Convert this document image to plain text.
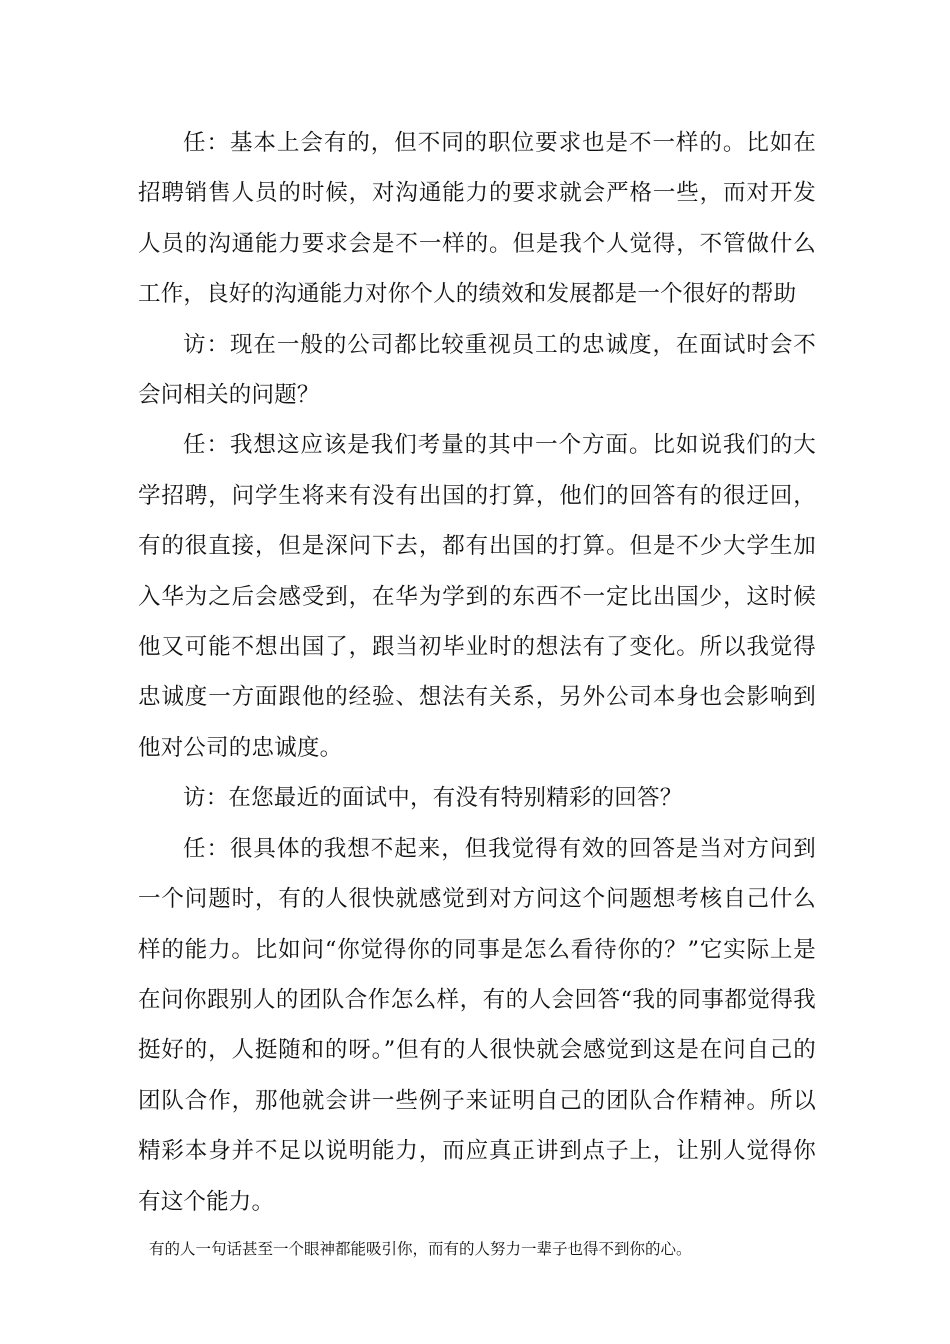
任：基本上会有的，但不同的职位要求也是不一样的。比如在招聘销售人员的时候，对沟通能力的要求就会严格一些，而对开发人员的沟通能力要求会是不一样的。但是我个人觉得，不管做什么工作，良好的沟通能力对你个人的绩效和发展都是一个很好的帮助

访：现在一般的公司都比较重视员工的忠诚度，在面试时会不会问相关的问题？

任：我想这应该是我们考量的其中一个方面。比如说我们的大学招聘，问学生将来有没有出国的打算，他们的回答有的很迂回，有的很直接，但是深问下去，都有出国的打算。但是不少大学生加入华为之后会感受到，在华为学到的东西不一定比出国少，这时候他又可能不想出国了，跟当初毕业时的想法有了变化。所以我觉得忠诚度一方面跟他的经验、想法有关系，另外公司本身也会影响到他对公司的忠诚度。

访：在您最近的面试中，有没有特别精彩的回答？

任：很具体的我想不起来，但我觉得有效的回答是当对方问到一个问题时，有的人很快就感觉到对方问这个问题想考核自己什么样的能力。比如问“你觉得你的同事是怎么看待你的？”它实际上是在问你跟别人的团队合作怎么样，有的人会回答“我的同事都觉得我挺好的，人挺随和的呀。”但有的人很快就会感觉到这是在问自己的团队合作，那他就会讲一些例子来证明自己的团队合作精神。所以精彩本身并不足以说明能力，而应真正讲到点子上，让别人觉得你有这个能力。

有的人一句话甚至一个眼神都能吸引你，而有的人努力一辈子也得不到你的心。
